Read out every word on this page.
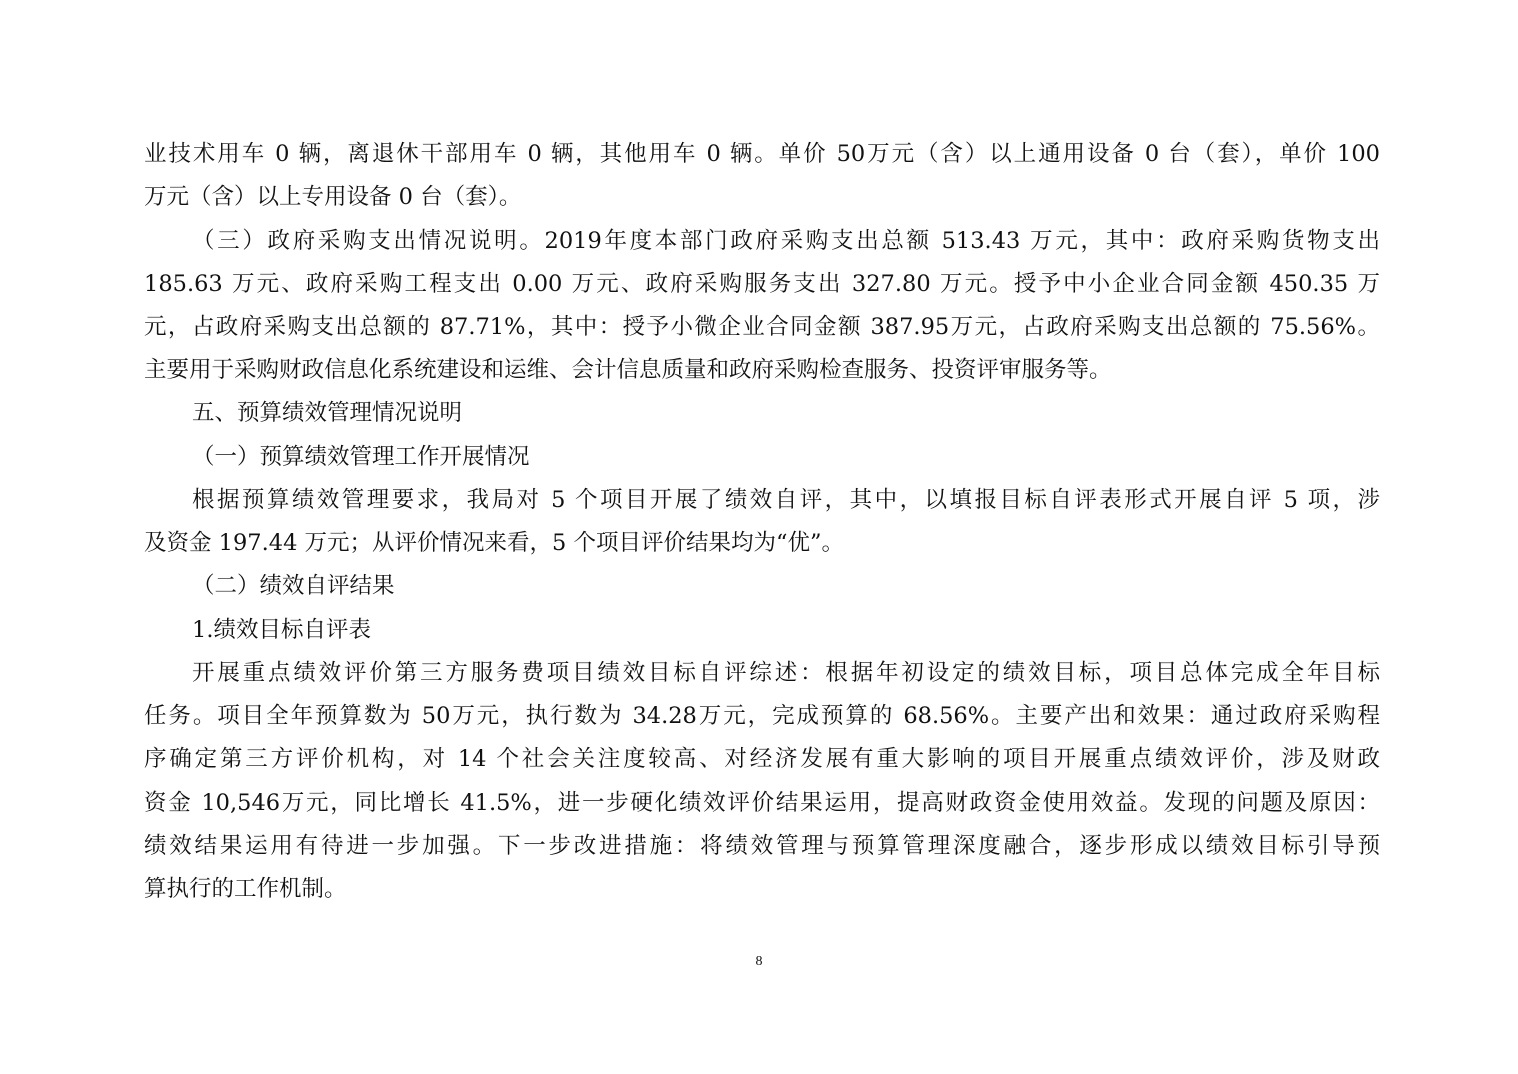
业技术用车 0 辆，离退休干部用车 0 辆，其他用车 0 辆。单价 50万元（含）以上通用设备 0 台（套），单价 100
万元（含）以上专用设备 0 台（套）。
（三）政府采购支出情况说明。2019年度本部门政府采购支出总额 513.43 万元，其中：政府采购货物支出
185.63 万元、政府采购工程支出 0.00 万元、政府采购服务支出 327.80 万元。授予中小企业合同金额 450.35 万
元，占政府采购支出总额的 87.71%，其中：授予小微企业合同金额 387.95万元，占政府采购支出总额的 75.56%。
主要用于采购财政信息化系统建设和运维、会计信息质量和政府采购检查服务、投资评审服务等。
五、预算绩效管理情况说明
（一）预算绩效管理工作开展情况
根据预算绩效管理要求，我局对 5 个项目开展了绩效自评，其中，以填报目标自评表形式开展自评 5 项，涉
及资金 197.44 万元；从评价情况来看，5 个项目评价结果均为“优”。
（二）绩效自评结果
1.绩效目标自评表
开展重点绩效评价第三方服务费项目绩效目标自评综述：根据年初设定的绩效目标，项目总体完成全年目标
任务。项目全年预算数为 50万元，执行数为 34.28万元，完成预算的 68.56%。主要产出和效果：通过政府采购程
序确定第三方评价机构，对 14 个社会关注度较高、对经济发展有重大影响的项目开展重点绩效评价，涉及财政
资金 10,546万元，同比增长 41.5%，进一步硬化绩效评价结果运用，提高财政资金使用效益。发现的问题及原因：
绩效结果运用有待进一步加强。下一步改进措施：将绩效管理与预算管理深度融合，逐步形成以绩效目标引导预
算执行的工作机制。
8
